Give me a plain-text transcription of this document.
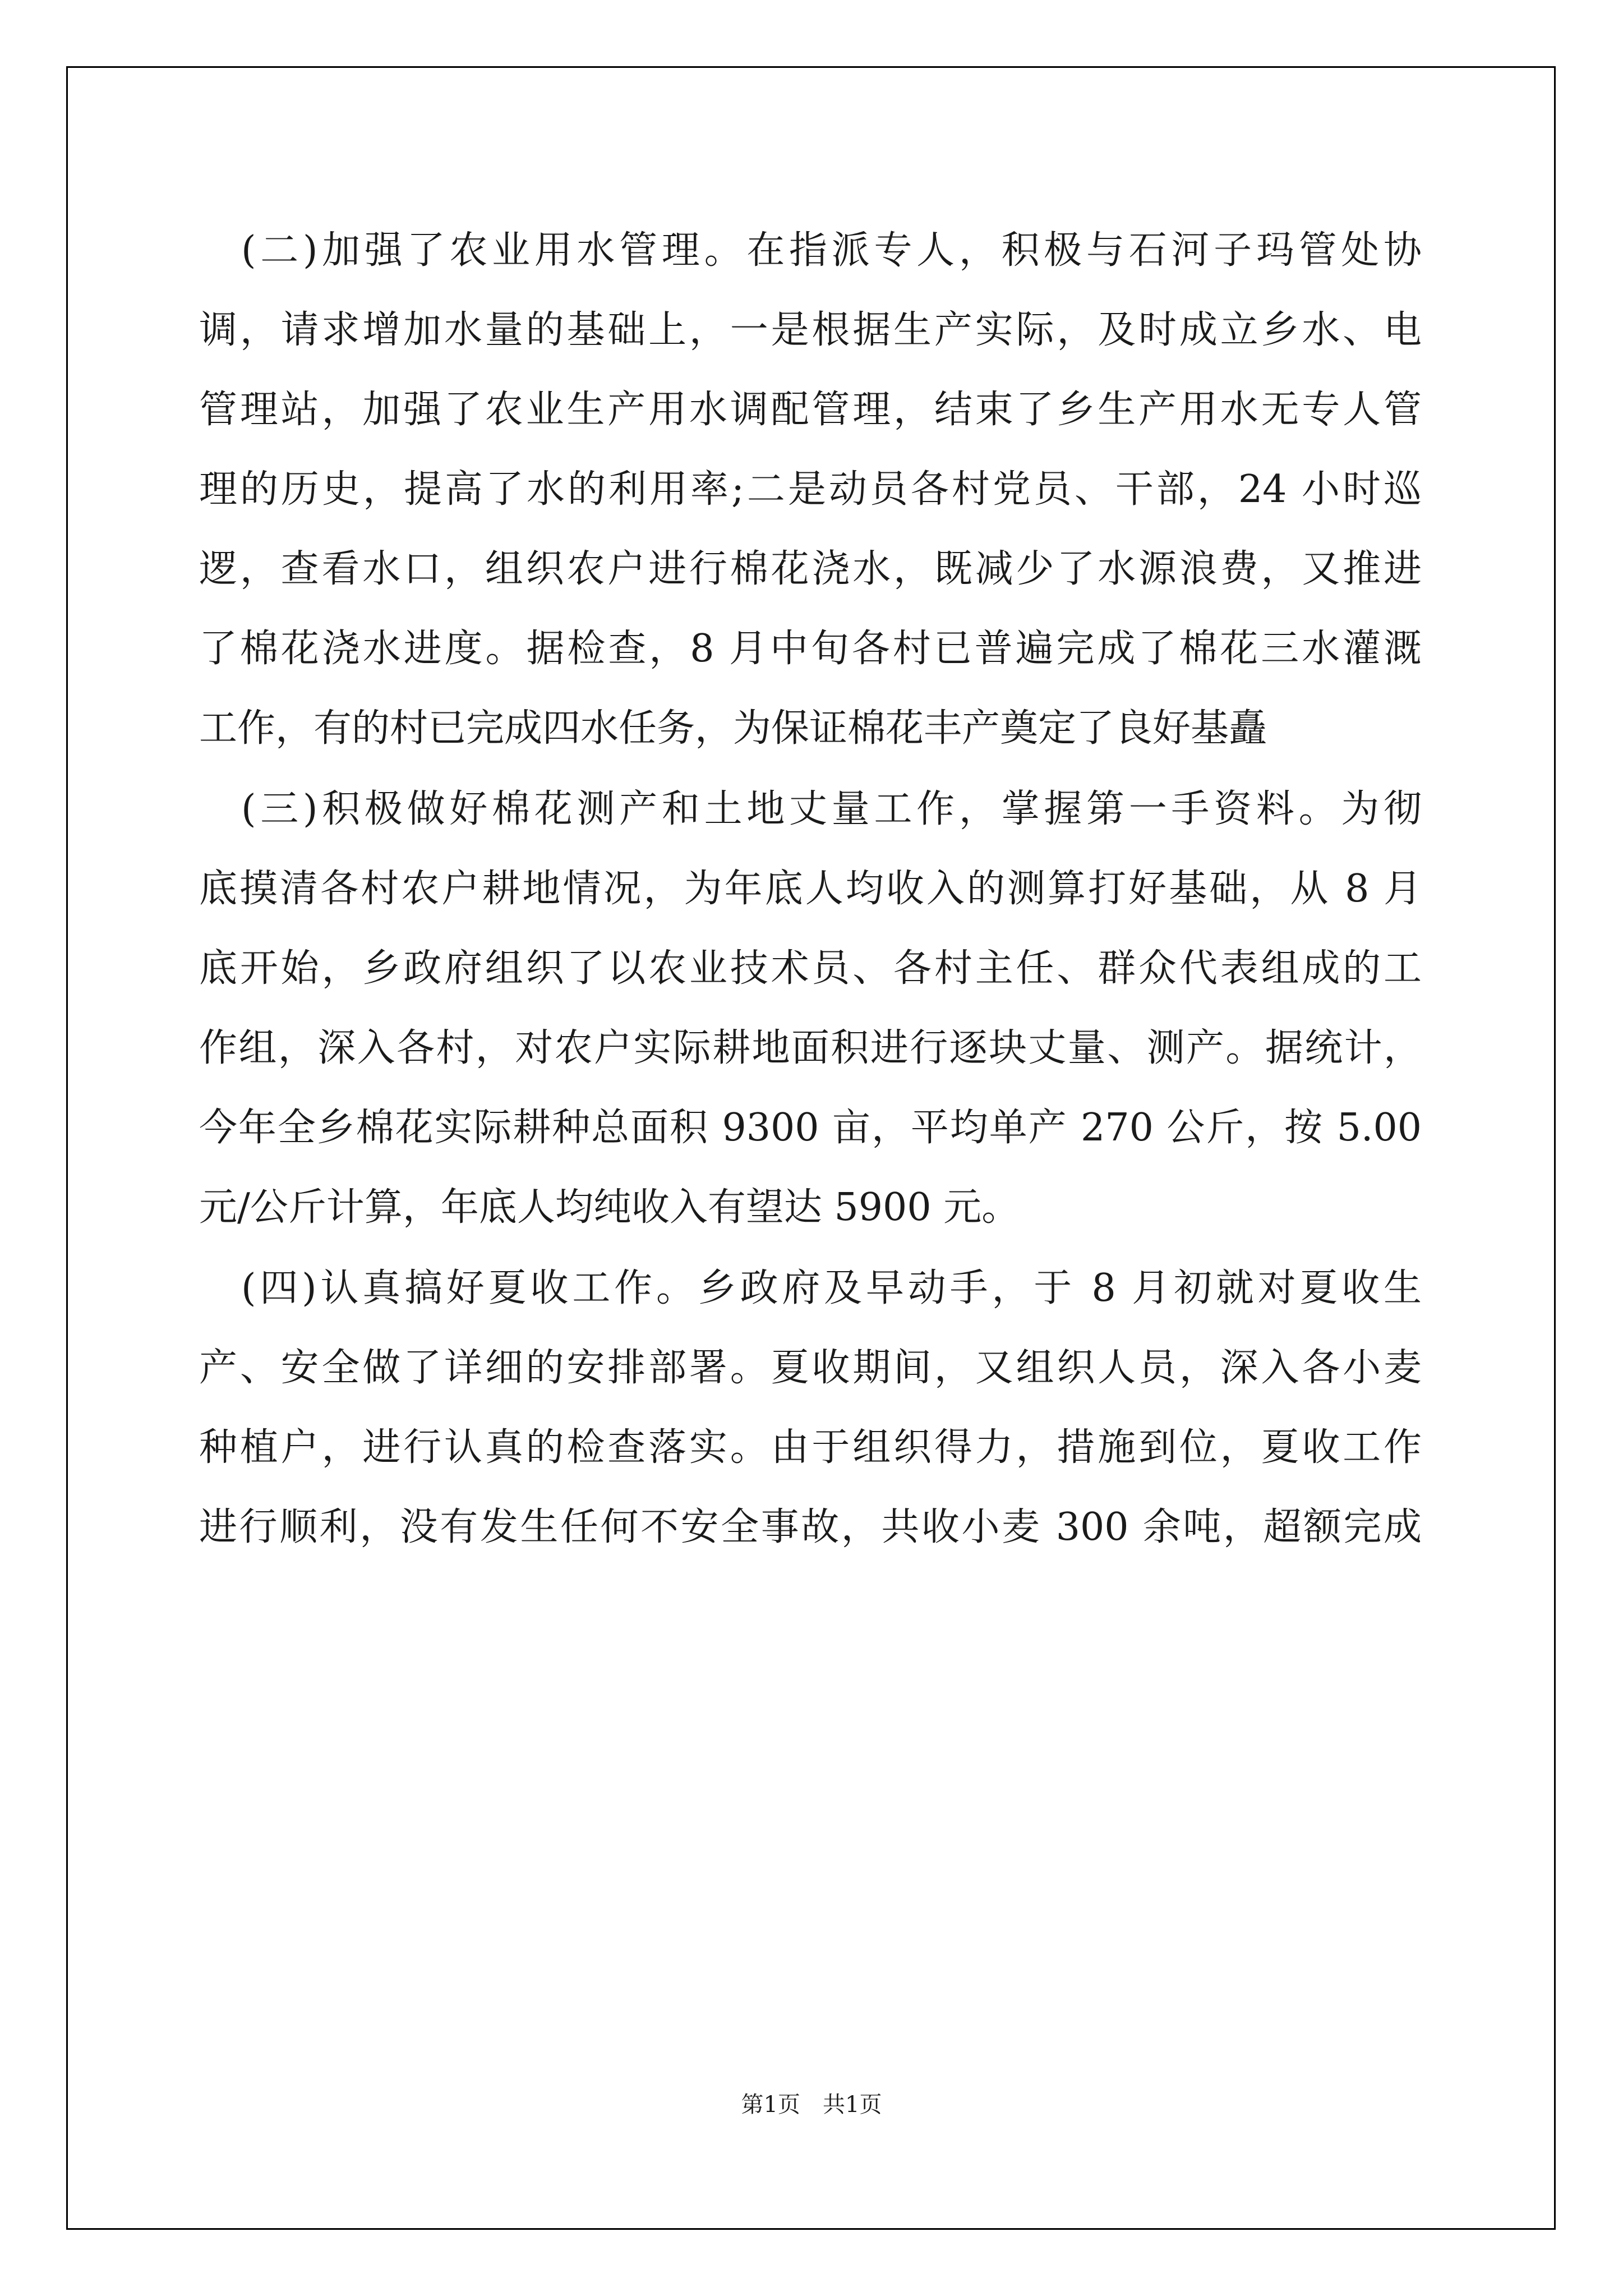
(二)加强了农业用水管理。在指派专人，积极与石河子玛管处协
调，请求增加水量的基础上，一是根据生产实际，及时成立乡水、电
管理站，加强了农业生产用水调配管理，结束了乡生产用水无专人管
理的历史，提高了水的利用率;二是动员各村党员、干部，24 小时巡
逻，查看水口，组织农户进行棉花浇水，既减少了水源浪费，又推进
了棉花浇水进度。据检查，8 月中旬各村已普遍完成了棉花三水灌溉
工作，有的村已完成四水任务，为保证棉花丰产奠定了良好基矗
(三)积极做好棉花测产和土地丈量工作，掌握第一手资料。为彻
底摸清各村农户耕地情况，为年底人均收入的测算打好基础，从 8 月
底开始，乡政府组织了以农业技术员、各村主任、群众代表组成的工
作组，深入各村，对农户实际耕地面积进行逐块丈量、测产。据统计，
今年全乡棉花实际耕种总面积 9300 亩，平均单产 270 公斤，按 5.00
元/公斤计算，年底人均纯收入有望达 5900 元。
(四)认真搞好夏收工作。乡政府及早动手，于 8 月初就对夏收生
产、安全做了详细的安排部署。夏收期间，又组织人员，深入各小麦
种植户，进行认真的检查落实。由于组织得力，措施到位，夏收工作
进行顺利，没有发生任何不安全事故，共收小麦 300 余吨，超额完成
第1页　共1页
